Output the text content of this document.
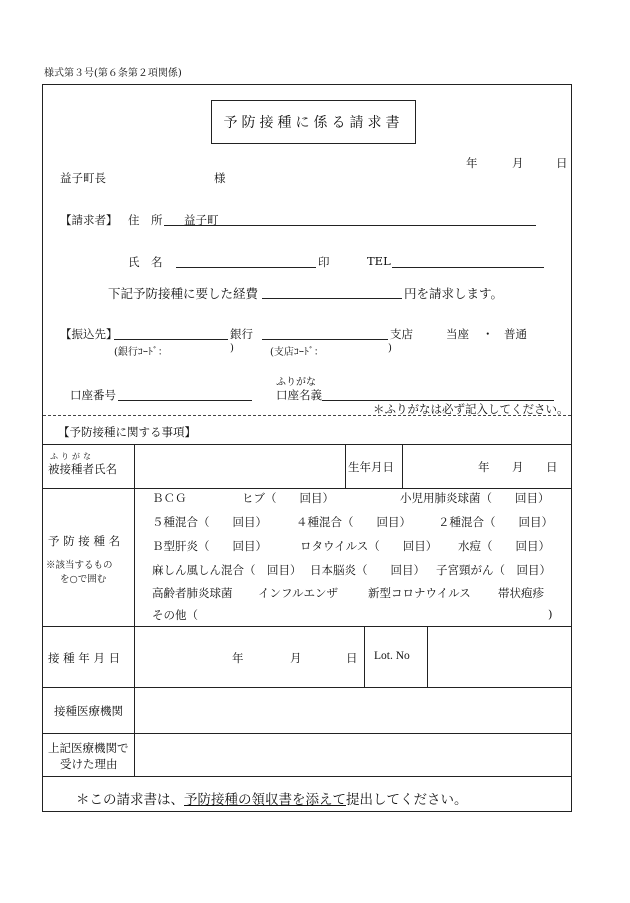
様式第３号(第６条第２項関係)
予防接種に係る請求書
年	月	日
益子町長	様
【請求者】 住　所 益子町
氏　名	印	TEL
下記予防接種に要した経費	円を請求します。
【振込先】	銀行	支店	当座 ・ 普通
(銀行ｺｰﾄﾞ：	)	(支店ｺｰﾄﾞ：	)
ふりがな
口座番号	口座名義
＊ふりがなは必ず記入してください。
【予防接種に関する事項】
ふりがな
被接種者氏名	生年月日	年 月 日
予 防 接 種 名
※該当するもの
を○で囲む
ＢＣＧ	ヒブ（　　回目）	小児用肺炎球菌（　　回目）
５種混合（　　回目）	４種混合（　　回目） ２種混合（　　回目）
Ｂ型肝炎（　　回目）	ロタウイルス（　　回目） 水痘（　　回目）
麻しん風しん混合（　回目） 日本脳炎（　　回目） 子宮頸がん（　回目）
高齢者肺炎球菌 インフルエンザ	新型コロナウイルス 帯状疱疹
その他（	)
接 種 年 月 日	年	月	日 Lot. No
接種医療機関
上記医療機関で
受けた理由
＊この請求書は、予防接種の領収書を添えて提出してください。
